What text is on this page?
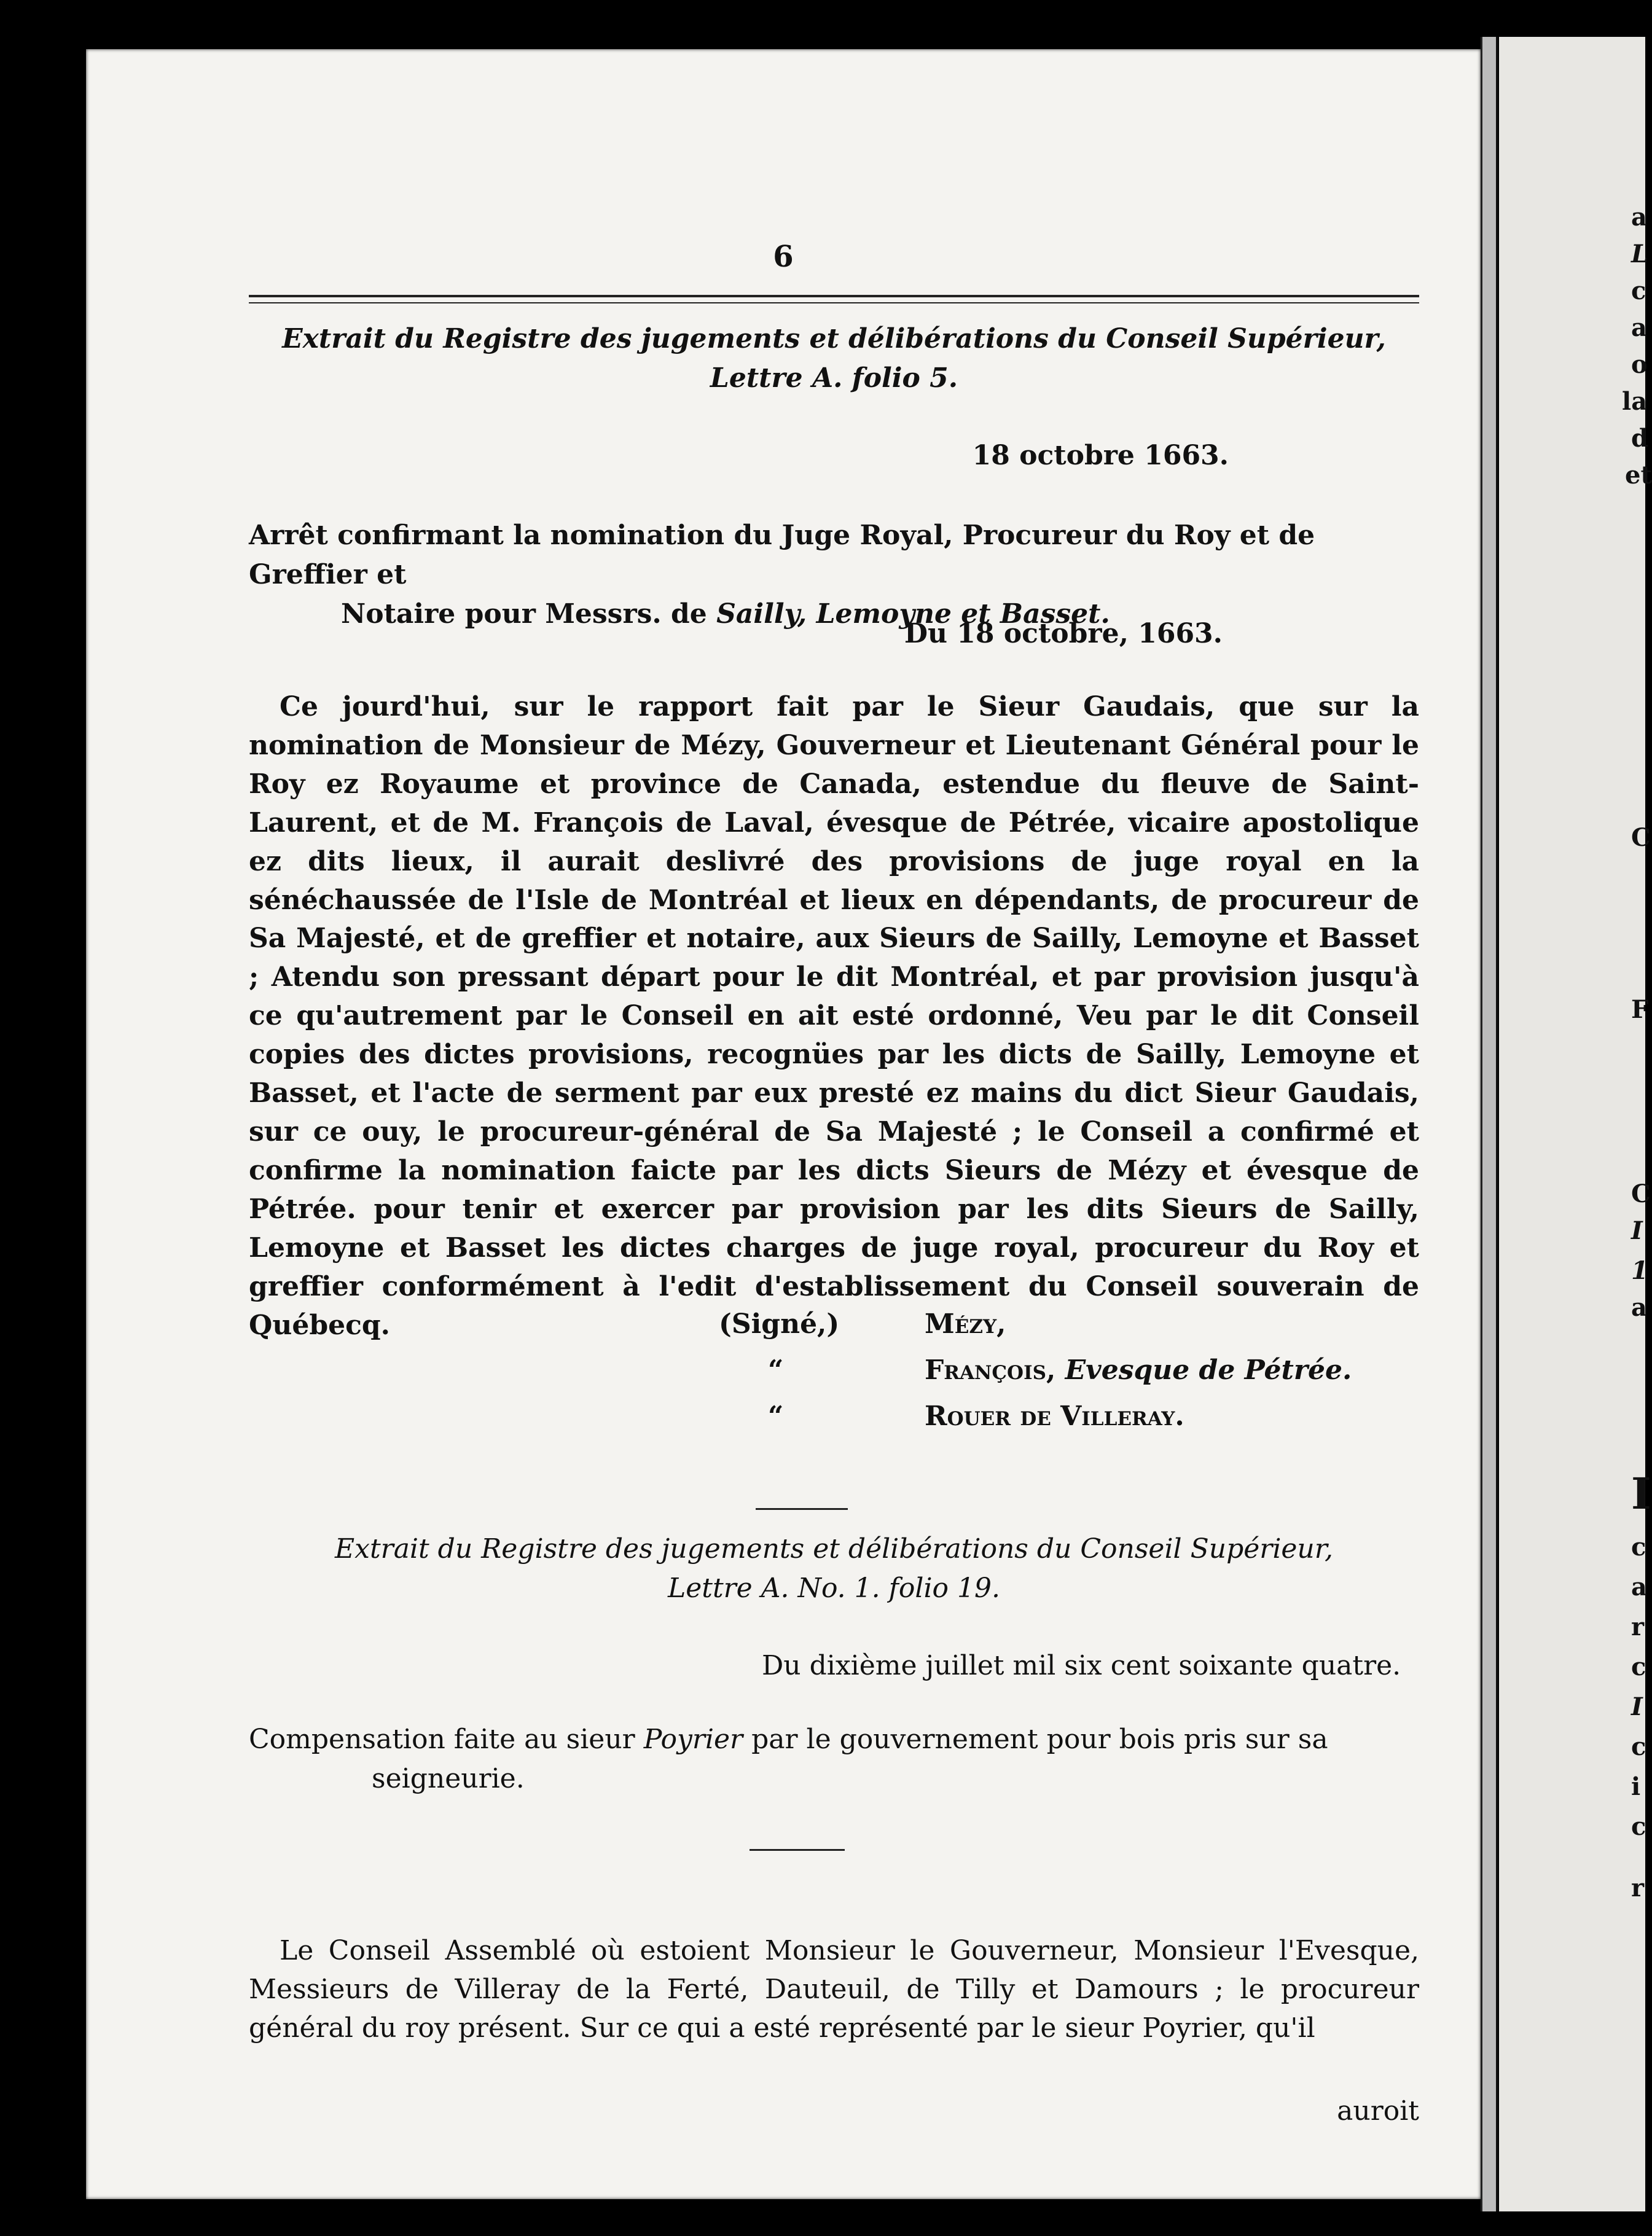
6
Extrait du Registre des jugements et délibérations du Conseil Supérieur,
Lettre A. folio 5.
18 octobre 1663.
Arrêt confirmant la nomination du Juge Royal, Procureur du Roy et de Greffier et
Notaire pour Messrs. de Sailly, Lemoyne et Basset.
Du 18 octobre, 1663.
Ce jourd'hui, sur le rapport fait par le Sieur Gaudais, que sur la nomination de Monsieur de Mézy, Gouverneur et Lieutenant Général pour le Roy ez Royaume et province de Canada, estendue du fleuve de Saint-Laurent, et de M. François de Laval, évesque de Pétrée, vicaire apostolique ez dits lieux, il aurait deslivré des provisions de juge royal en la sénéchaussée de l'Isle de Montréal et lieux en dépendants, de procureur de Sa Majesté, et de greffier et notaire, aux Sieurs de Sailly, Lemoyne et Basset ; Atendu son pressant départ pour le dit Montréal, et par provision jusqu'à ce qu'autrement par le Conseil en ait esté ordonné, Veu par le dit Conseil copies des dictes provisions, recognües par les dicts de Sailly, Lemoyne et Basset, et l'acte de serment par eux presté ez mains du dict Sieur Gaudais, sur ce ouy, le procureur-général de Sa Majesté ; le Conseil a confirmé et confirme la nomination faicte par les dicts Sieurs de Mézy et évesque de Pétrée. pour tenir et exercer par provision par les dits Sieurs de Sailly, Lemoyne et Basset les dictes charges de juge royal, procureur du Roy et greffier conformément à l'edit d'establissement du Conseil souverain de Québecq.	(Signé,)
“
“
Mézy,
François, Evesque de Pétrée.
Rouer de Villeray.
Extrait du Registre des jugements et délibérations du Conseil Supérieur,
Lettre A. No. 1. folio 19.
Du dixième juillet mil six cent soixante quatre.
Compensation faite au sieur Poyrier par le gouvernement pour bois pris sur sa
seigneurie.
Le Conseil Assemblé où estoient Monsieur le Gouverneur, Monsieur l'Evesque, Messieurs de Villeray de la Ferté, Dauteuil, de Tilly et Damours ; le procureur général du roy présent. Sur ce qui a esté représenté par le sieur Poyrier, qu'il
auroit
a
L
c
a
o
la
d
et
C
F
C
I
1
a
I
c
a
r
c
I
c
i
c
r
